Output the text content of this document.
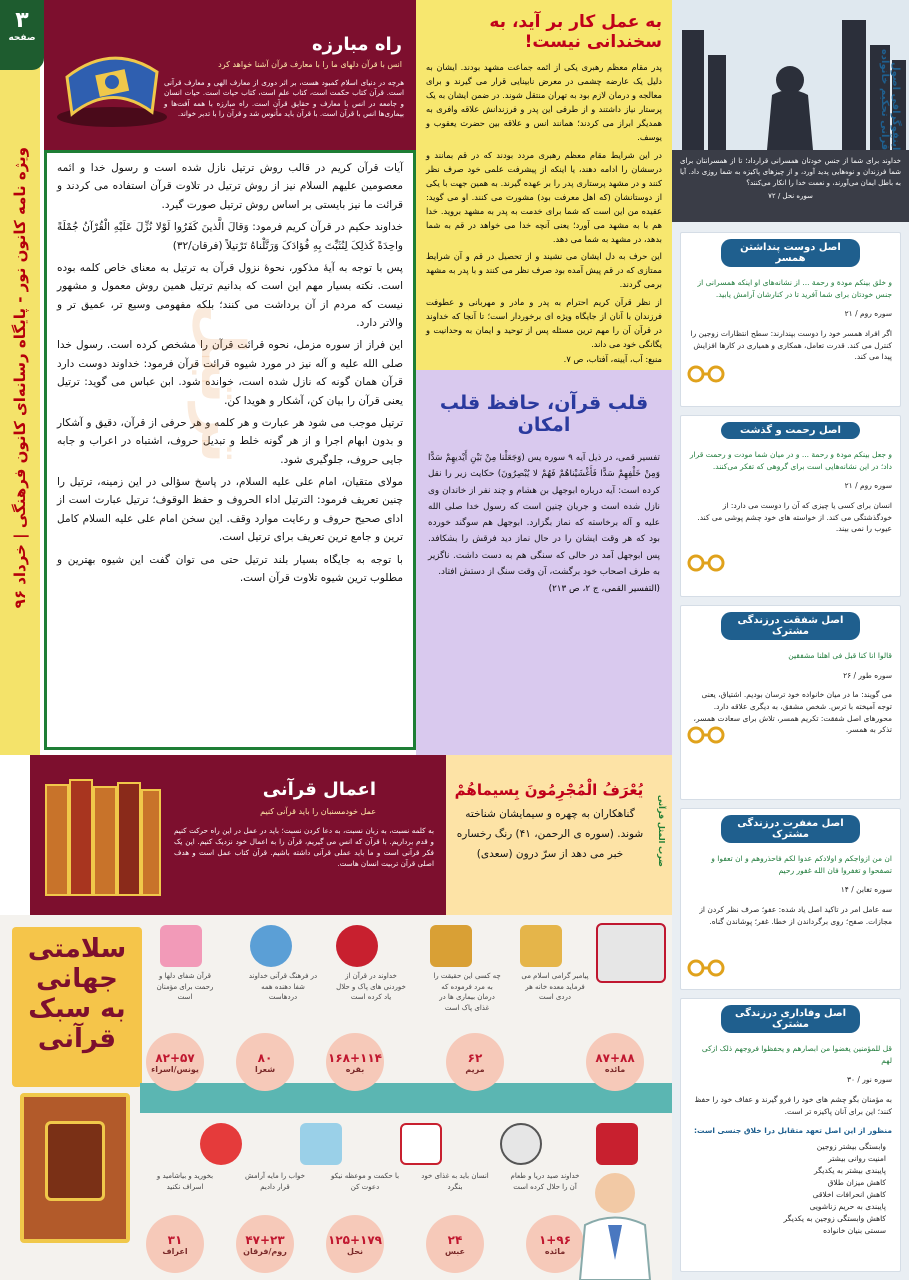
ویژه نامه کانون نور - پایگاه رسانه‌ای کانون فرهنگی | خرداد ۹۶
۳
صفحه	راه مبارزه
انس با قرآن دلهای ما را با معارف قرآن آشنا خواهد کرد
هرچه در دنیای اسلام کمبود هست، بر اثر دوری از معارف الهی و معارف قرآنی است. قرآن کتاب حکمت است، کتاب علم است، کتاب حیات است. حیات انسان و جامعه در انس با معارف و حقایق قرآن است. راه مبارزه با همه آفت‌ها و بیماری‌ها انس با قرآن است. با قرآن باید مأنوس شد و قرآن را با تدبر خواند.
ترتیل

آیات قرآن کریم در قالب روش ترتیل نازل شده است و رسول خدا و ائمه معصومین علیهم السلام نیز از روش ترتیل در تلاوت قرآن استفاده می کردند و قرائت ما نیز بایستی بر اساس روش ترتیل صورت گیرد.

خداوند حکیم در قرآن کریم فرمود: وَقالَ الَّذینَ کَفَرُوا لَوْلا نُزِّلَ عَلَیْهِ الْقُرْآنُ جُمْلَةً واحِدَةً کَذلِکَ لِنُثَبِّتَ بِهِ فُؤادَکَ وَرَتَّلْناهُ تَرْتیلاً (فرقان/۳۲)

پس با توجه به آیهٔ مذکور، نحوهٔ نزول قرآن به ترتیل به معنای خاص کلمه بوده است. نکته بسیار مهم این است که بدانیم ترتیل همین روش معمول و مشهور نیست که مردم از آن برداشت می کنند؛ بلکه مفهومی وسیع تر، عمیق تر و والاتر دارد.

این فراز از سوره مزمل، نحوه قرائت قرآن را مشخص کرده است. رسول خدا صلی الله علیه و آله نیز در مورد شیوه قرائت قرآن فرمود: خداوند دوست دارد قرآن همان گونه که نازل شده است، خوانده شود. ابن عباس می گوید: ترتیل یعنی قرآن را بیان کن، آشکار و هویدا کن.

ترتیل موجب می شود هر عبارت و هر کلمه و هر حرفی از قرآن، دقیق و آشکار و بدون ابهام اجرا و از هر گونه خلط و تبدیل حروف، اشتباه در اعراب و جابه جایی حروف، جلوگیری شود.

مولای متقیان، امام علی علیه السلام، در پاسخ سؤالی در این زمینه، ترتیل را چنین تعریف فرمود: الترتیل اداء الحروف و حفظ الوقوف؛ ترتیل عبارت است از ادای صحیح حروف و رعایت موارد وقف. این سخن امام علی علیه السلام کامل ترین و جامع ترین تعریف برای ترتیل است.

با توجه به جایگاه بسیار بلند ترتیل حتی می توان گفت این شیوه بهترین و مطلوب ترین شیوه تلاوت قرآن است.

به عمل کار بر آید، به سخندانی نیست!

پدر مقام معظم رهبری یکی از ائمه جماعت مشهد بودند. ایشان به دلیل یک عارضه چشمی در معرض نابینایی قرار می گیرند و برای معالجه و درمان لازم بود به تهران منتقل شوند. در ضمن ایشان به یک پرستار نیاز داشتند و از طرفی این پدر و فرزندانش علاقه وافری به همدیگر ابراز می کردند؛ همانند انس و علاقه بین حضرت یعقوب و یوسف.

در این شرایط مقام معظم رهبری مردد بودند که در قم بمانند و درسشان را ادامه دهند، یا اینکه از پیشرفت علمی خود صرف نظر کنند و در مشهد پرستاری پدر را بر عهده گیرند. به همین جهت با یکی از دوستانشان (که اهل معرفت بود) مشورت می کنند. او می گوید: عقیده من این است که شما برای خدمت به پدر به مشهد بروید. خدا هم با به مشهد می آورد؛ یعنی آنچه خدا می خواهد در قم به شما بدهد، در مشهد به شما می دهد.

این حرف به دل ایشان می نشیند و از تحصیل در قم و آن شرایط ممتازی که در قم پیش آمده بود صرف نظر می کنند و با پدر به مشهد برمی گردند.

از نظر قرآن کریم احترام به پدر و مادر و مهربانی و عطوفت فرزندان با آنان از جایگاه ویژه ای برخوردار است؛ تا آنجا که خداوند در قرآن آن را مهم ترین مسئله پس از توحید و ایمان به وحدانیت و یگانگی خود می داند.

منبع: آب، آیینه، آفتاب، ص ۷.

قلب قرآن، حافظ قلب امکان

تفسیر قمی، در ذیل آیه ۹ سوره یس (وَجَعَلْنا مِنْ بَیْنِ أَیْدیهِمْ سَدًّا وَمِنْ خَلْفِهِمْ سَدًّا فَأَغْشَیْناهُمْ فَهُمْ لا یُبْصِرُونَ) حکایت زیر را نقل کرده است: آیه درباره ابوجهل بن هشام و چند نفر از خاندان وی نازل شده است و جریان چنین است که رسول خدا صلی الله علیه و آله برخاسته که نماز بگزارد. ابوجهل هم سوگند خورده بود که هر وقت ایشان را در حال نماز دید فرقش را بشکافد. پس ابوجهل آمد در حالی که سنگی هم به دست داشت. ناگزیر به طرف اصحاب خود برگشت، آن وقت سنگ از دستش افتاد.

(التفسیر القمی، ج ۲، ص ۲۱۳)

اعمال قرآنی
عمل خودمسنبان را باید قرآنی کنیم
به کلمه نسبت، به زبان نسبت، به دعا کردن نسبت؛ باید در عمل در این راه حرکت کنیم و قدم برداریم. با قرآن که انس می گیریم، قرآن را به اعمال خود نزدیک کنیم. این یک فکر قرآنی است و ما باید عملی قرآنی داشته باشیم. قرآن کتاب عمل است و هدف اصلی قرآن تربیت انسان هاست.
یُعْرَفُ الْمُجْرِمُونَ بِسیماهُمْ
ضرب المثل قرآنی

گناهکاران به چهره و سیمایشان شناخته شوند. (سوره ی الرحمن، ۴۱) رنگ رخساره خبر می دهد از سرّ درون (سعدی)

سلامتی جهانی به سبک قرآنی
۸۷+۸۸
مائده
۶۲
مریم
۱۶۸+۱۱۴
بقره
۸۰
شعرا
۸۲+۵۷
یونس/اسراء
پیامبر گرامی اسلام می فرماید معده خانه هر دردی است
چه کسی این حقیقت را به مرد فرموده که درمان بیماری ها در غذای پاک است
خداوند در قرآن از خوردنی های پاک و حلال یاد کرده است
در فرهنگ قرآنی خداوند شفا دهنده همه دردهاست
قرآن شفای دلها و رحمت برای مؤمنان است
خداوند صید دریا و طعام آن را حلال کرده است
انسان باید به غذای خود بنگرد
با حکمت و موعظه نیکو دعوت کن
خواب را مایه آرامش قرار دادیم
بخورید و بیاشامید و اسراف نکنید
۱+۹۶
مائده
۲۴
عبس
۱۲۵+۱۷۹
نحل
۴۷+۲۳
روم/فرقان
۳۱
اعراف
اینفوگرافی اصول قرآنی تحکیم خانواده

خداوند برای شما از جنس خودتان همسرانی قرارداد؛ تا از همسرانتان برای شما فرزندان و نوه‌هایی پدید آورد، و از چیزهای پاکیزه به شما روزی داد. آیا به باطل ایمان می‌آورند، و نعمت خدا را انکار می‌کنند؟

سوره نحل / ۷۲

اصل دوست پنداشتن همسر
و خلق بینکم مودة و رحمة ... از نشانه‌های او اینکه همسرانی از جنس خودتان برای شما آفرید تا در کنارشان آرامش یابید.
سوره روم / ۲۱
اگر افراد همسر خود را دوست بپندارند: سطح انتظارات زوجین را کنترل می کند. قدرت تعامل، همکاری و همیاری در کارها افزایش پیدا می کند.
اصل رحمت و گذشت
و جعل بینکم مودة و رحمة ... و در میان شما مودت و رحمت قرار داد؛ در این نشانه‌هایی است برای گروهی که تفکر می‌کنند.
سوره روم / ۲۱
انسان برای کسی یا چیزی که آن را دوست می دارد: از خودگذشتگی می کند. از خواسته های خود چشم پوشی می کند. عیوب را نمی بیند.
اصل شفقت درزندگی مشترک
قالوا انا کنا قبل فی اهلنا مشفقین
سوره طور / ۲۶
می گویند: ما در میان خانواده خود ترسان بودیم. اشتیاق، یعنی توجه آمیخته با ترس. شخص مشفق، به دیگری علاقه دارد. محورهای اصل شفقت: تکریم همسر، تلاش برای سعادت همسر، تذکر به همسر.
اصل مغفرت درزندگی مشترک
ان من ازواجکم و اولادکم عدوا لکم فاحذروهم و ان تعفوا و تصفحوا و تغفروا فان الله غفور رحیم
سوره تغابن / ۱۴
سه عامل امر در تاکید اصل یاد شده: عفو؛ صرف نظر کردن از مجازات. صفح؛ روی برگرداندن از خطا. غفر؛ پوشاندن گناه.
اصل وفاداری درزندگی مشترک
قل للمؤمنین یغضوا من ابصارهم و یحفظوا فروجهم ذلک ازکی لهم
سوره نور / ۳۰
به مؤمنان بگو چشم های خود را فرو گیرند و عفاف خود را حفظ کنند؛ این برای آنان پاکیزه تر است.
منظور از این اصل تعهد متقابل درا خلاق جنسی است:
وابستگی بیشتر زوجین
امنیت روانی بیشتر
پایبندی بیشتر به یکدیگر
کاهش میزان طلاق
کاهش انحرافات اخلاقی
پایبندی به حریم زناشویی
کاهش وابستگی زوجین به یکدیگر
سستی بنیان خانواده
